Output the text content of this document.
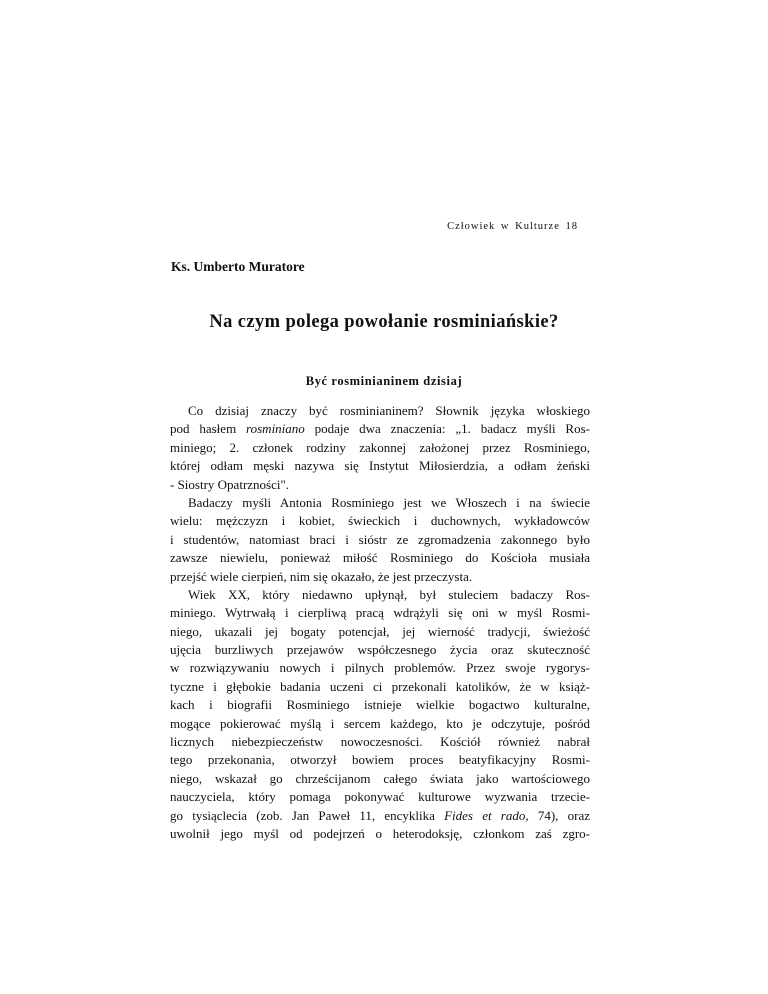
Człowiek w Kulturze 18
Ks. Umberto Muratore
Na czym polega powołanie rosminiańskie?
Być rosminianinem dzisiaj
Co dzisiaj znaczy być rosminianinem? Słownik języka włoskiego
pod hasłem rosminiano podaje dwa znaczenia: „1. badacz myśli Ros-
miniego; 2. członek rodziny zakonnej założonej przez Rosminiego,
której odłam męski nazywa się Instytut Miłosierdzia, a odłam żeński
- Siostry Opatrzności".
Badaczy myśli Antonia Rosminiego jest we Włoszech i na świecie
wielu: mężczyzn i kobiet, świeckich i duchownych, wykładowców
i studentów, natomiast braci i sióstr ze zgromadzenia zakonnego było
zawsze niewielu, ponieważ miłość Rosminiego do Kościoła musiała
przejść wiele cierpień, nim się okazało, że jest przeczysta.
Wiek XX, który niedawno upłynął, był stuleciem badaczy Ros-
miniego. Wytrwałą i cierpliwą pracą wdrążyli się oni w myśl Rosmi-
niego, ukazali jej bogaty potencjał, jej wierność tradycji, świeżość
ujęcia burzliwych przejawów współczesnego życia oraz skuteczność
w rozwiązywaniu nowych i pilnych problemów. Przez swoje rygorys-
tyczne i głębokie badania uczeni ci przekonali katolików, że w książ-
kach i biografii Rosminiego istnieje wielkie bogactwo kulturalne,
mogące pokierować myślą i sercem każdego, kto je odczytuje, pośród
licznych niebezpieczeństw nowoczesności. Kościół również nabrał
tego przekonania, otworzył bowiem proces beatyfikacyjny Rosmi-
niego, wskazał go chrześcijanom całego świata jako wartościowego
nauczyciela, który pomaga pokonywać kulturowe wyzwania trzecie-
go tysiąclecia (zob. Jan Paweł 11, encyklika Fides et rado, 74), oraz
uwolnił jego myśl od podejrzeń o heterodoksję, członkom zaś zgro-
